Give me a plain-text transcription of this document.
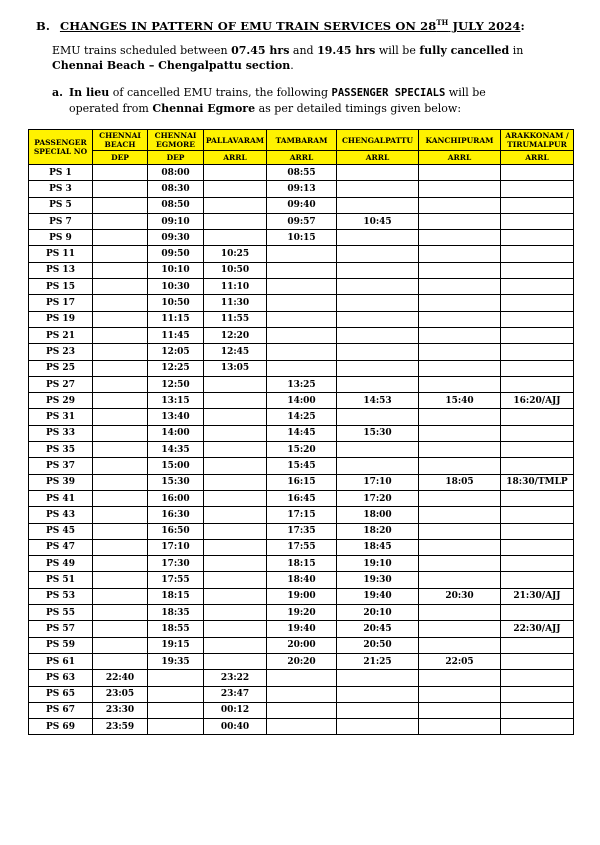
B. CHANGES IN PATTERN OF EMU TRAIN SERVICES ON 28TH JULY 2024:
EMU trains scheduled between 07.45 hrs and 19.45 hrs will be fully cancelled in Chennai Beach – Chengalpattu section.
a. In lieu of cancelled EMU trains, the following PASSENGER SPECIALS will be
operated from Chennai Egmore as per detailed timings given below:
PASSENGER SPECIAL NO	CHENNAI BEACH	CHENNAI EGMORE	PALLAVARAM	TAMBARAM	CHENGALPATTU	KANCHIPURAM	ARAKKONAM / TIRUMALPUR
	DEP	DEP	ARRL	ARRL	ARRL	ARRL	ARRL
PS 1		08:00		08:55			
PS 3		08:30		09:13			
PS 5		08:50		09:40			
PS 7		09:10		09:57	10:45		
PS 9		09:30		10:15			
PS 11		09:50	10:25				
PS 13		10:10	10:50				
PS 15		10:30	11:10				
PS 17		10:50	11:30				
PS 19		11:15	11:55				
PS 21		11:45	12:20				
PS 23		12:05	12:45				
PS 25		12:25	13:05				
PS 27		12:50		13:25			
PS 29		13:15		14:00	14:53	15:40	16:20/AJJ
PS 31		13:40		14:25			
PS 33		14:00		14:45	15:30		
PS 35		14:35		15:20			
PS 37		15:00		15:45			
PS 39		15:30		16:15	17:10	18:05	18:30/TMLP
PS 41		16:00		16:45	17:20		
PS 43		16:30		17:15	18:00		
PS 45		16:50		17:35	18:20		
PS 47		17:10		17:55	18:45		
PS 49		17:30		18:15	19:10		
PS 51		17:55		18:40	19:30		
PS 53		18:15		19:00	19:40	20:30	21:30/AJJ
PS 55		18:35		19:20	20:10		
PS 57		18:55		19:40	20:45		22:30/AJJ
PS 59		19:15		20:00	20:50		
PS 61		19:35		20:20	21:25	22:05	
PS 63	22:40		23:22				
PS 65	23:05		23:47				
PS 67	23:30		00:12				
PS 69	23:59		00:40				
